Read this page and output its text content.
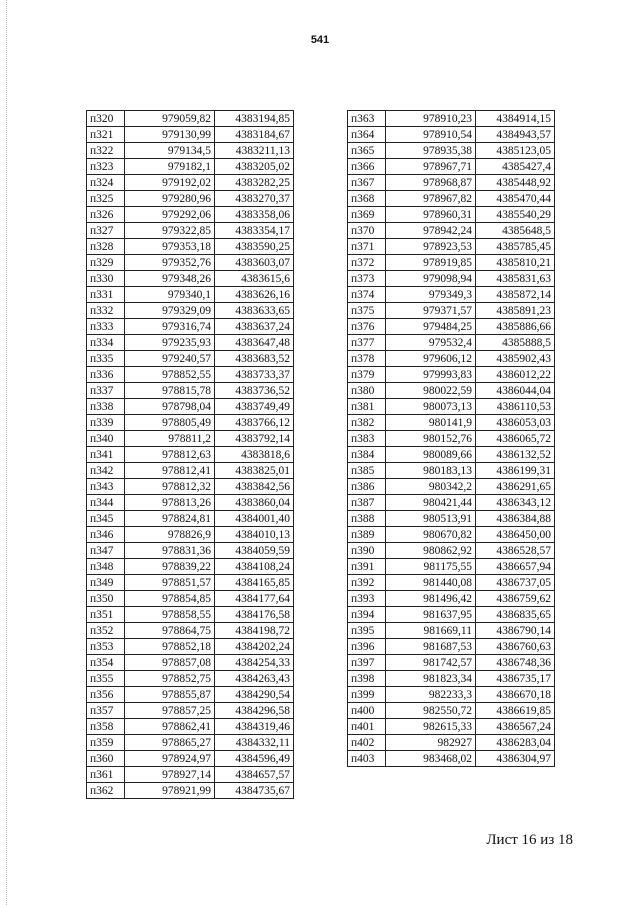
541
п320	979059,82	4383194,85
п321	979130,99	4383184,67
п322	979134,5	4383211,13
п323	979182,1	4383205,02
п324	979192,02	4383282,25
п325	979280,96	4383270,37
п326	979292,06	4383358,06
п327	979322,85	4383354,17
п328	979353,18	4383590,25
п329	979352,76	4383603,07
п330	979348,26	4383615,6
п331	979340,1	4383626,16
п332	979329,09	4383633,65
п333	979316,74	4383637,24
п334	979235,93	4383647,48
п335	979240,57	4383683,52
п336	978852,55	4383733,37
п337	978815,78	4383736,52
п338	978798,04	4383749,49
п339	978805,49	4383766,12
п340	978811,2	4383792,14
п341	978812,63	4383818,6
п342	978812,41	4383825,01
п343	978812,32	4383842,56
п344	978813,26	4383860,04
п345	978824,81	4384001,40
п346	978826,9	4384010,13
п347	978831,36	4384059,59
п348	978839,22	4384108,24
п349	978851,57	4384165,85
п350	978854,85	4384177,64
п351	978858,55	4384176,58
п352	978864,75	4384198,72
п353	978852,18	4384202,24
п354	978857,08	4384254,33
п355	978852,75	4384263,43
п356	978855,87	4384290,54
п357	978857,25	4384296,58
п358	978862,41	4384319,46
п359	978865,27	4384332,11
п360	978924,97	4384596,49
п361	978927,14	4384657,57
п362	978921,99	4384735,67
п363	978910,23	4384914,15
п364	978910,54	4384943,57
п365	978935,38	4385123,05
п366	978967,71	4385427,4
п367	978968,87	4385448,92
п368	978967,82	4385470,44
п369	978960,31	4385540,29
п370	978942,24	4385648,5
п371	978923,53	4385785,45
п372	978919,85	4385810,21
п373	979098,94	4385831,63
п374	979349,3	4385872,14
п375	979371,57	4385891,23
п376	979484,25	4385886,66
п377	979532,4	4385888,5
п378	979606,12	4385902,43
п379	979993,83	4386012,22
п380	980022,59	4386044,04
п381	980073,13	4386110,53
п382	980141,9	4386053,03
п383	980152,76	4386065,72
п384	980089,66	4386132,52
п385	980183,13	4386199,31
п386	980342,2	4386291,65
п387	980421,44	4386343,12
п388	980513,91	4386384,88
п389	980670,82	4386450,00
п390	980862,92	4386528,57
п391	981175,55	4386657,94
п392	981440,08	4386737,05
п393	981496,42	4386759,62
п394	981637,95	4386835,65
п395	981669,11	4386790,14
п396	981687,53	4386760,63
п397	981742,57	4386748,36
п398	981823,34	4386735,17
п399	982233,3	4386670,18
п400	982550,72	4386619,85
п401	982615,33	4386567,24
п402	982927	4386283,04
п403	983468,02	4386304,97
Лист 16 из 18
